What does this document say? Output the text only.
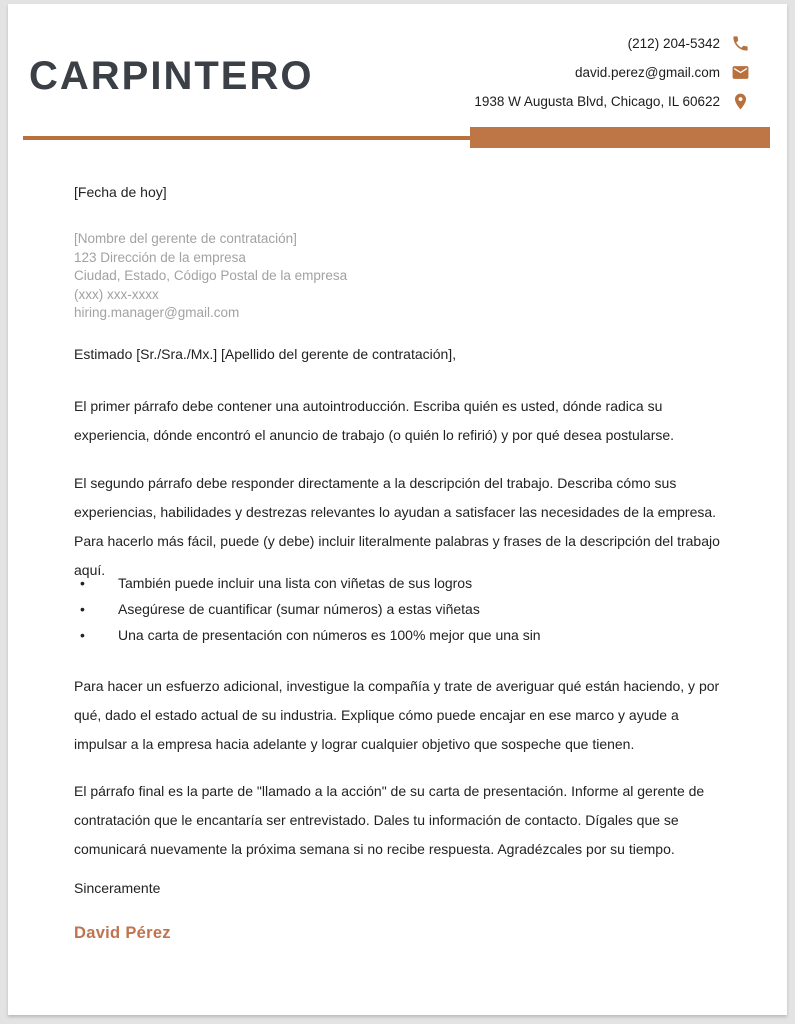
CARPINTERO
(212) 204-5342
david.perez@gmail.com
1938 W Augusta Blvd, Chicago, IL 60622
[Fecha de hoy]
[Nombre del gerente de contratación]
123 Dirección de la empresa
Ciudad, Estado, Código Postal de la empresa
(xxx) xxx-xxxx
hiring.manager@gmail.com
Estimado [Sr./Sra./Mx.] [Apellido del gerente de contratación],
El primer párrafo debe contener una autointroducción. Escriba quién es usted, dónde radica su experiencia, dónde encontró el anuncio de trabajo (o quién lo refirió) y por qué desea postularse.
El segundo párrafo debe responder directamente a la descripción del trabajo. Describa cómo sus experiencias, habilidades y destrezas relevantes lo ayudan a satisfacer las necesidades de la empresa. Para hacerlo más fácil, puede (y debe) incluir literalmente palabras y frases de la descripción del trabajo aquí.
• También puede incluir una lista con viñetas de sus logros
• Asegúrese de cuantificar (sumar números) a estas viñetas
• Una carta de presentación con números es 100% mejor que una sin
Para hacer un esfuerzo adicional, investigue la compañía y trate de averiguar qué están haciendo, y por qué, dado el estado actual de su industria. Explique cómo puede encajar en ese marco y ayude a impulsar a la empresa hacia adelante y lograr cualquier objetivo que sospeche que tienen.
El párrafo final es la parte de "llamado a la acción" de su carta de presentación. Informe al gerente de contratación que le encantaría ser entrevistado. Dales tu información de contacto. Dígales que se comunicará nuevamente la próxima semana si no recibe respuesta. Agradézcales por su tiempo.
Sinceramente
David Pérez
